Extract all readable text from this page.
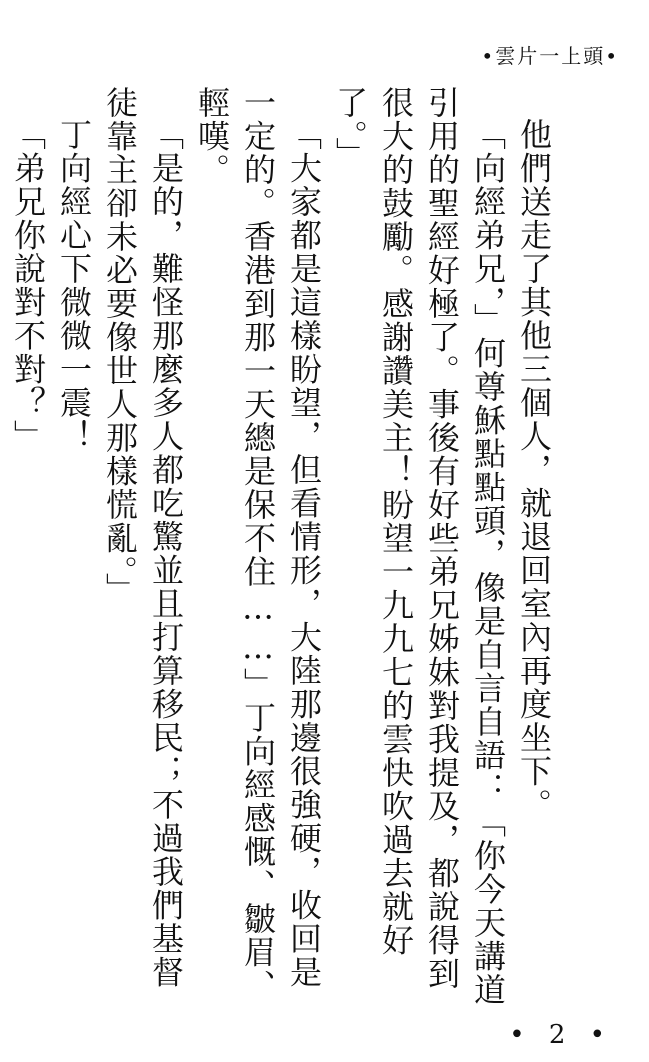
•雲片一上頭•

他們送走了其他三個人，就退回室內再度坐下。

「向經弟兄，」何尊穌點點頭，像是自言自語：「你今天講道引用的聖經好極了。事後有好些弟兄姊妹對我提及，都說得到很大的鼓勵。感謝讚美主！盼望一九九七的雲快吹過去就好了。」

「大家都是這樣盼望，但看情形，大陸那邊很強硬，收回是一定的。香港到那一天總是保不住……」丁向經感慨、皺眉、輕嘆。

「是的，難怪那麼多人都吃驚並且打算移民；不過我們基督徒靠主卻未必要像世人那樣慌亂。」

丁向經心下微微一震！

「弟兄你說對不對？」

• 2 •
